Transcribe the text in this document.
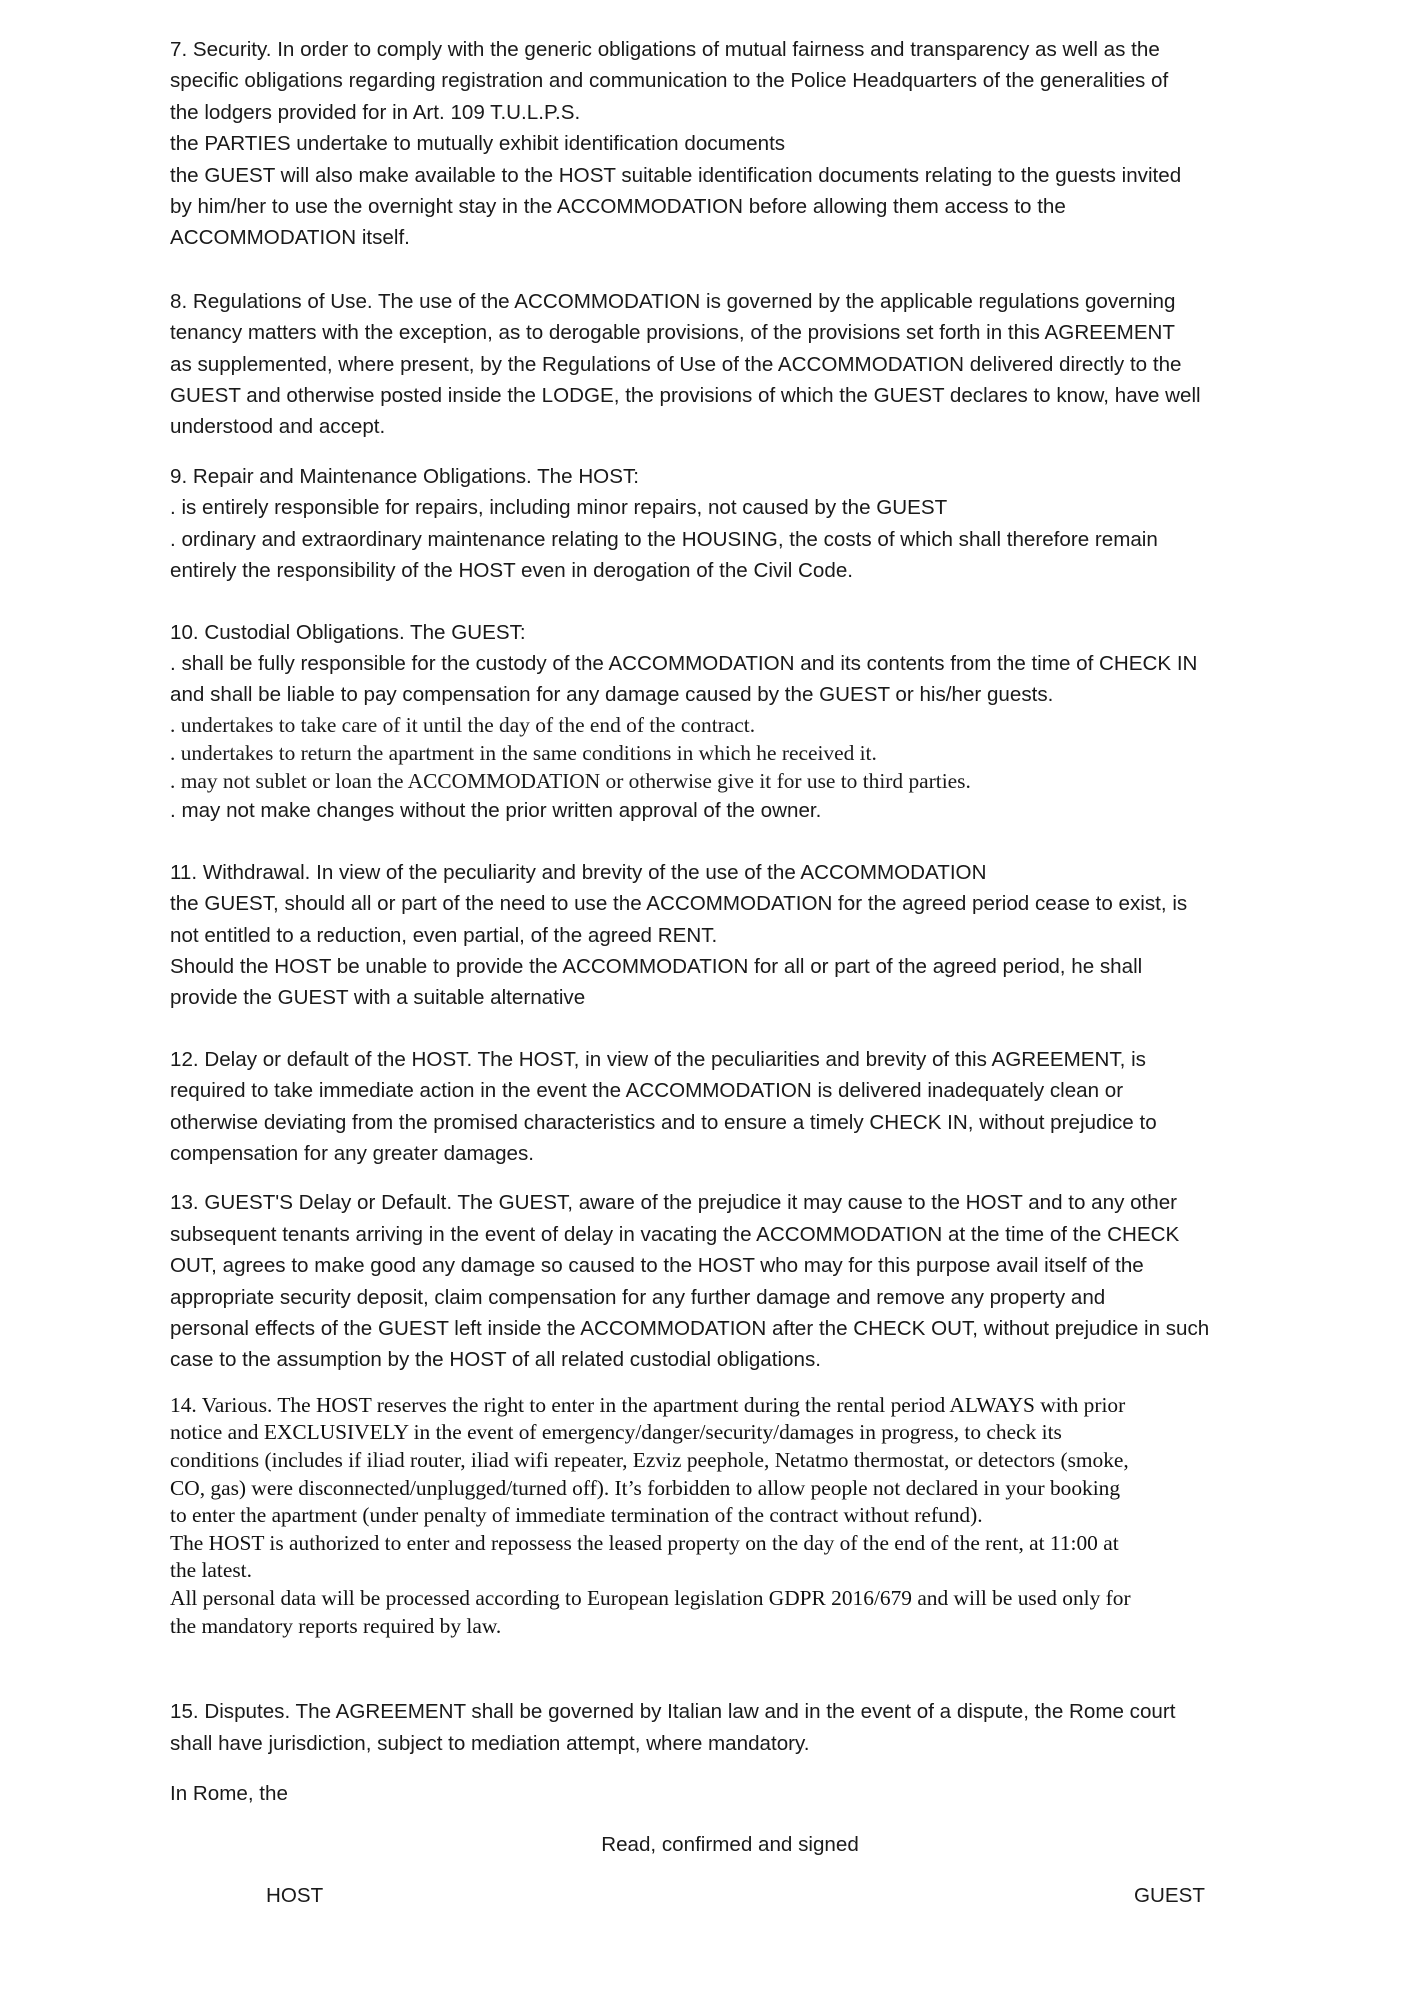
7. Security. In order to comply with the generic obligations of mutual fairness and transparency as well as the
specific obligations regarding registration and communication to the Police Headquarters of the generalities of
the lodgers provided for in Art. 109 T.U.L.P.S.
the PARTIES undertake to mutually exhibit identification documents
the GUEST will also make available to the HOST suitable identification documents relating to the guests invited
by him/her to use the overnight stay in the ACCOMMODATION before allowing them access to the
ACCOMMODATION itself.
8. Regulations of Use. The use of the ACCOMMODATION is governed by the applicable regulations governing
tenancy matters with the exception, as to derogable provisions, of the provisions set forth in this AGREEMENT
as supplemented, where present, by the Regulations of Use of the ACCOMMODATION delivered directly to the
GUEST and otherwise posted inside the LODGE, the provisions of which the GUEST declares to know, have well
understood and accept.
9. Repair and Maintenance Obligations. The HOST:
. is entirely responsible for repairs, including minor repairs, not caused by the GUEST
. ordinary and extraordinary maintenance relating to the HOUSING, the costs of which shall therefore remain
entirely the responsibility of the HOST even in derogation of the Civil Code.
10. Custodial Obligations. The GUEST:
. shall be fully responsible for the custody of the ACCOMMODATION and its contents from the time of CHECK IN
and shall be liable to pay compensation for any damage caused by the GUEST or his/her guests.
. undertakes to take care of it until the day of the end of the contract.
. undertakes to return the apartment in the same conditions in which he received it.
. may not sublet or loan the ACCOMMODATION or otherwise give it for use to third parties.
. may not make changes without the prior written approval of the owner.
11. Withdrawal. In view of the peculiarity and brevity of the use of the ACCOMMODATION
the GUEST, should all or part of the need to use the ACCOMMODATION for the agreed period cease to exist, is
not entitled to a reduction, even partial, of the agreed RENT.
Should the HOST be unable to provide the ACCOMMODATION for all or part of the agreed period, he shall
provide the GUEST with a suitable alternative
12. Delay or default of the HOST. The HOST, in view of the peculiarities and brevity of this AGREEMENT, is
required to take immediate action in the event the ACCOMMODATION is delivered inadequately clean or
otherwise deviating from the promised characteristics and to ensure a timely CHECK IN, without prejudice to
compensation for any greater damages.
13. GUEST'S Delay or Default. The GUEST, aware of the prejudice it may cause to the HOST and to any other
subsequent tenants arriving in the event of delay in vacating the ACCOMMODATION at the time of the CHECK
OUT, agrees to make good any damage so caused to the HOST who may for this purpose avail itself of the
appropriate security deposit, claim compensation for any further damage and remove any property and
personal effects of the GUEST left inside the ACCOMMODATION after the CHECK OUT, without prejudice in such
case to the assumption by the HOST of all related custodial obligations.
14. Various. The HOST reserves the right to enter in the apartment during the rental period ALWAYS with prior
notice and EXCLUSIVELY in the event of emergency/danger/security/damages in progress, to check its
conditions (includes if iliad router, iliad wifi repeater, Ezviz peephole, Netatmo thermostat, or detectors (smoke,
CO, gas) were disconnected/unplugged/turned off). It’s forbidden to allow people not declared in your booking
to enter the apartment (under penalty of immediate termination of the contract without refund).
The HOST is authorized to enter and repossess the leased property on the day of the end of the rent, at 11:00 at
the latest.
All personal data will be processed according to European legislation GDPR 2016/679 and will be used only for
the mandatory reports required by law.
15. Disputes. The AGREEMENT shall be governed by Italian law and in the event of a dispute, the Rome court
shall have jurisdiction, subject to mediation attempt, where mandatory.
In Rome, the
Read, confirmed and signed
HOST	GUEST
